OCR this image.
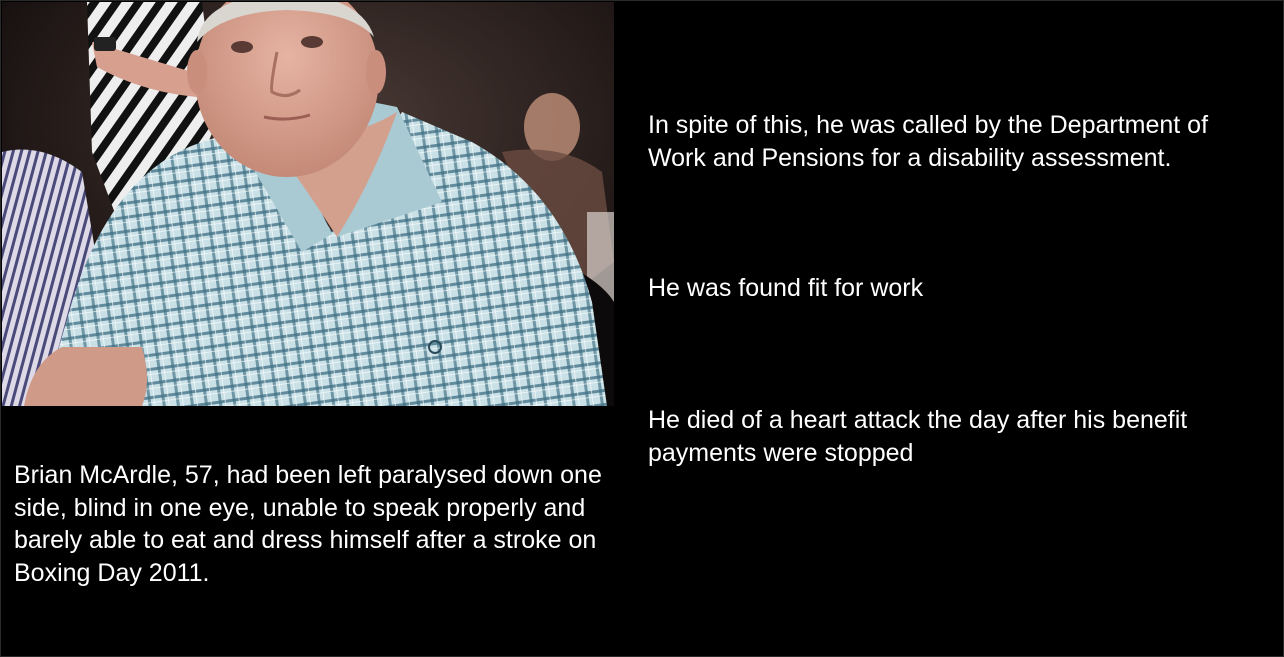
Brian McArdle, 57, had been left paralysed down one side, blind in one eye, unable to speak properly and barely able to eat and dress himself after a stroke on Boxing Day 2011.

In spite of this, he was called by the Department of Work and Pensions for a disability assessment.

He was found fit for work

He died of a heart attack the day after his benefit payments were stopped
